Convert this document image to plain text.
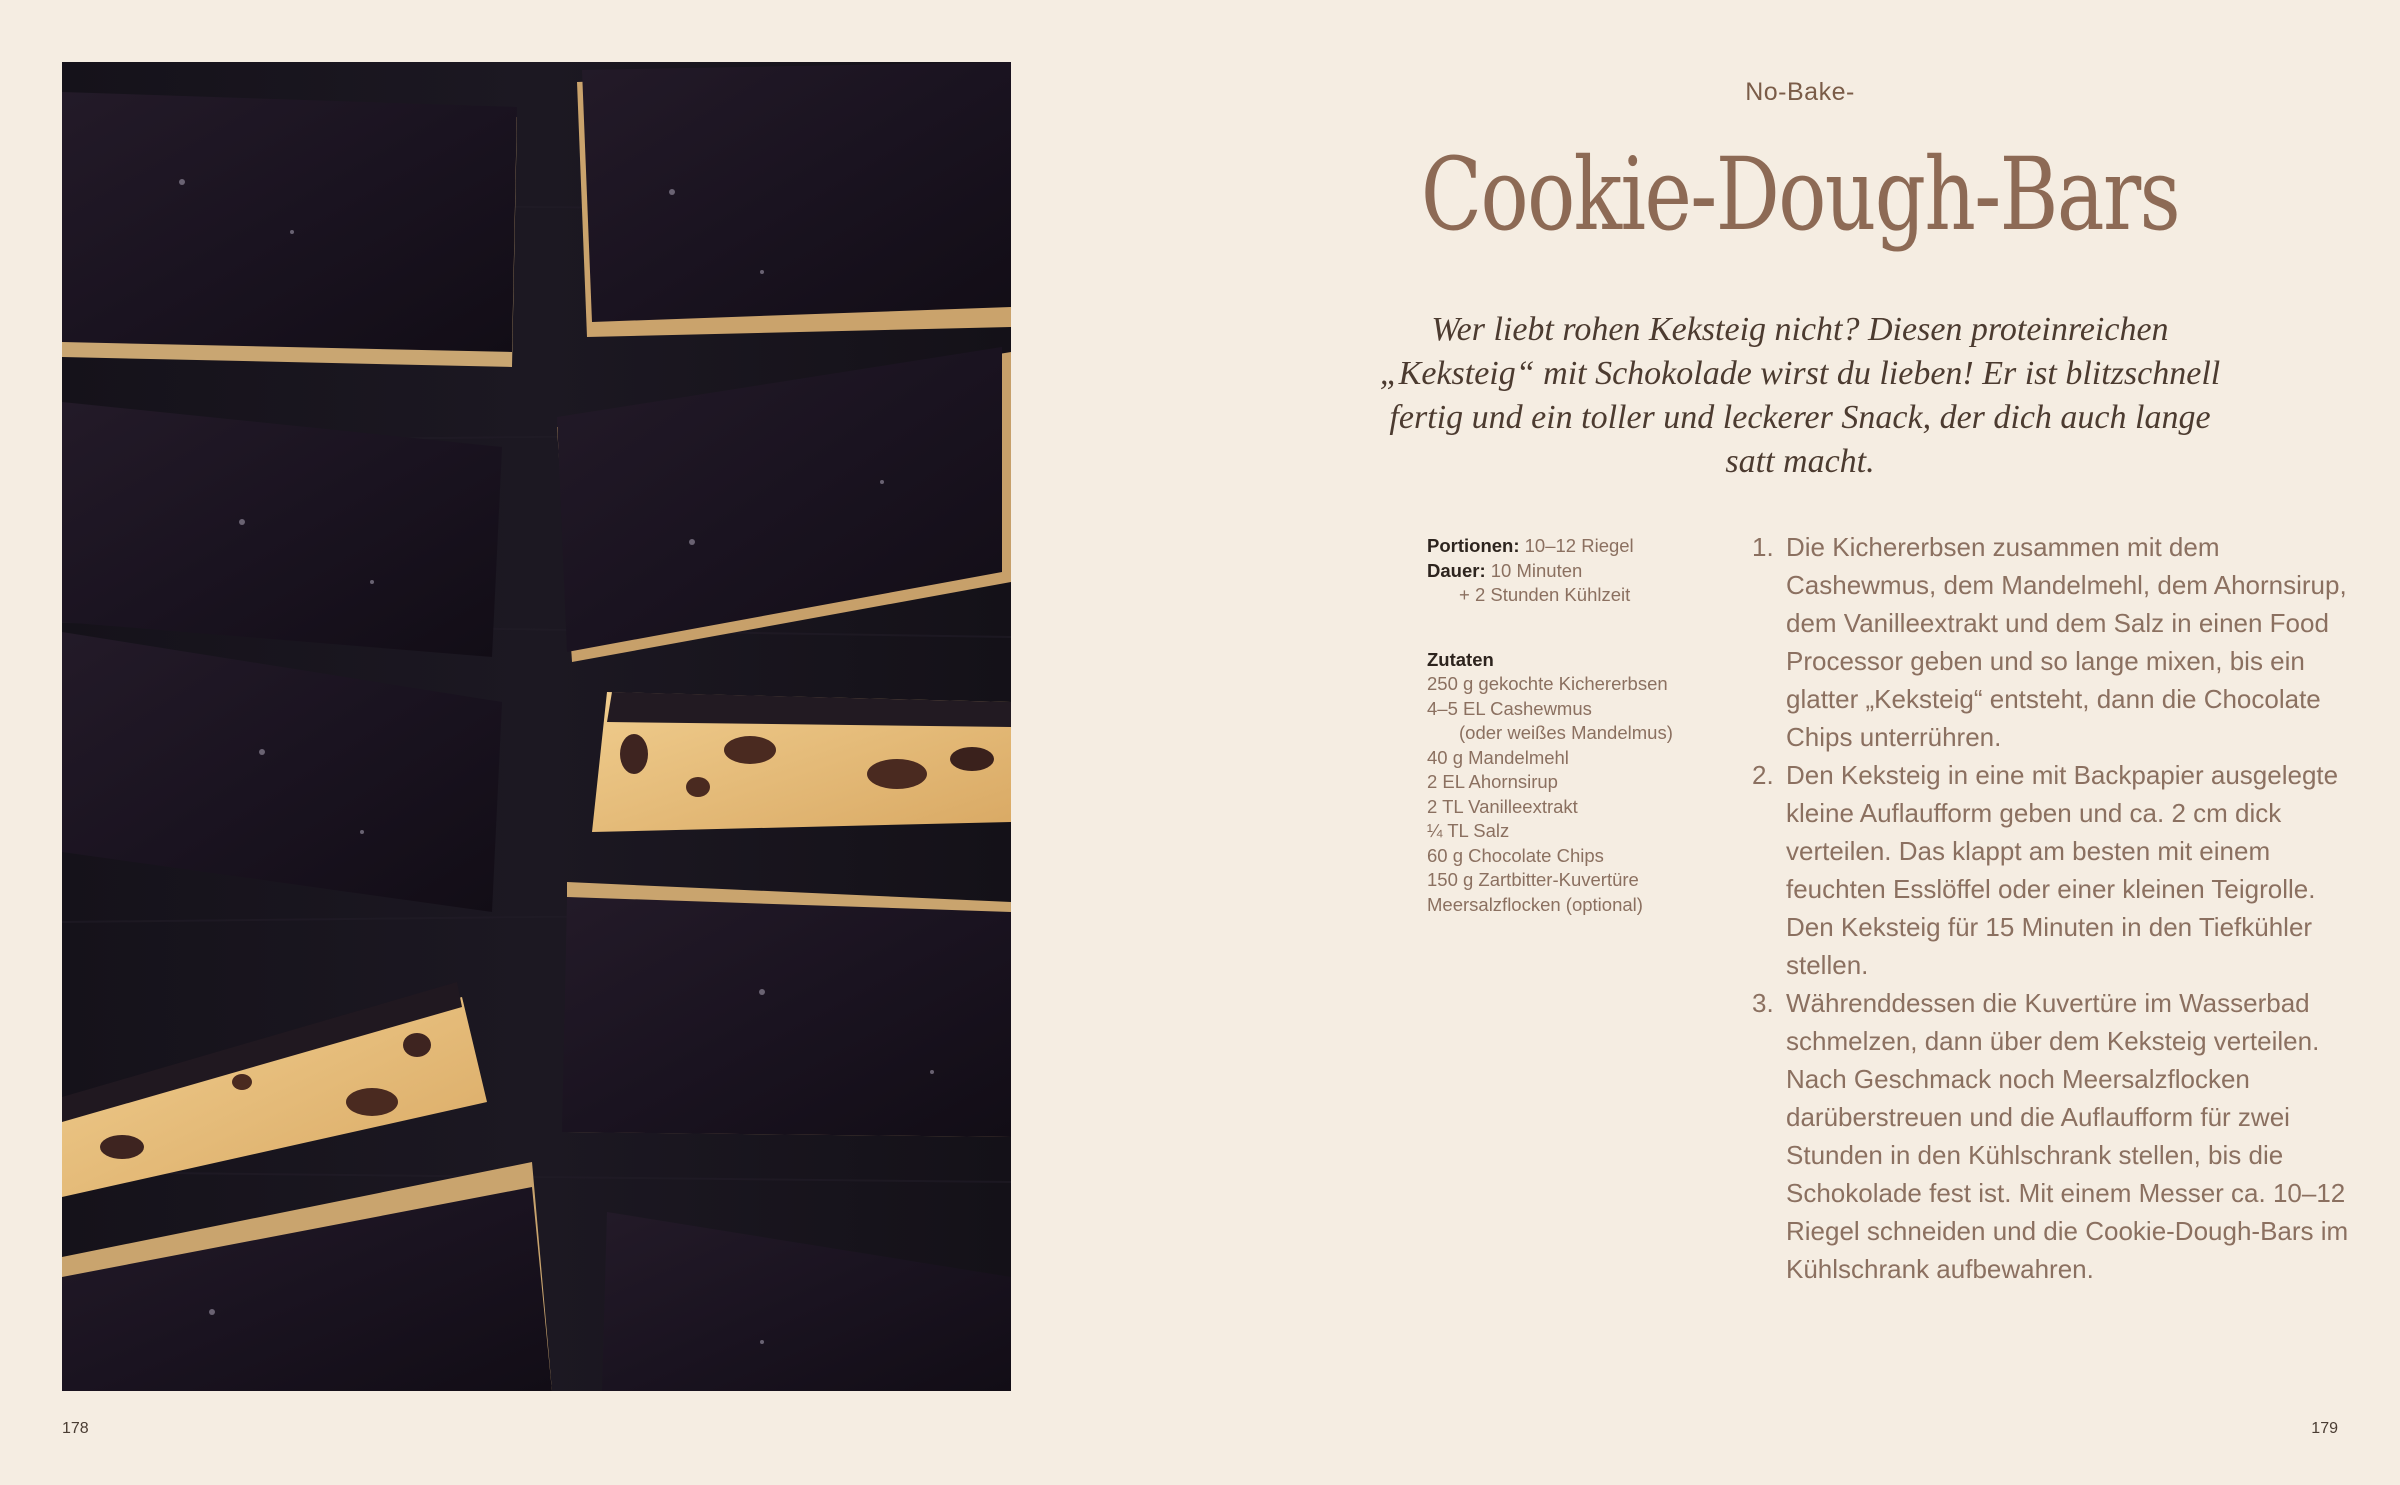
178
No-Bake-
Cookie-Dough-Bars
Wer liebt rohen Keksteig nicht? Diesen proteinreichen „Keksteig“ mit Schokolade wirst du lieben! Er ist blitzschnell fertig und ein toller und leckerer Snack, der dich auch lange satt macht.
Portionen: 10–12 Riegel
Dauer: 10 Minuten
+ 2 Stunden Kühlzeit
Zutaten
250 g gekochte Kichererbsen
4–5 EL Cashewmus
(oder weißes Mandelmus)
40 g Mandelmehl
2 EL Ahornsirup
2 TL Vanilleextrakt
¼ TL Salz
60 g Chocolate Chips
150 g Zartbitter-Kuvertüre
Meersalzflocken (optional)
1. Die Kichererbsen zusammen mit dem Cashewmus, dem Mandelmehl, dem Ahornsirup, dem Vanilleextrakt und dem Salz in einen Food Processor geben und so lange mixen, bis ein glatter „Keksteig“ entsteht, dann die Chocolate Chips unterrühren.
2. Den Keksteig in eine mit Backpapier ausgelegte kleine Auflaufform geben und ca. 2 cm dick verteilen. Das klappt am besten mit einem feuchten Esslöffel oder einer kleinen Teigrolle. Den Keksteig für 15 Minuten in den Tiefkühler stellen.
3. Währenddessen die Kuvertüre im Wasserbad schmelzen, dann über dem Keksteig verteilen. Nach Geschmack noch Meersalzflocken darüberstreuen und die Auflaufform für zwei Stunden in den Kühlschrank stellen, bis die Schokolade fest ist. Mit einem Messer ca. 10–12 Riegel schneiden und die Cookie-Dough-Bars im Kühlschrank aufbewahren.
179
